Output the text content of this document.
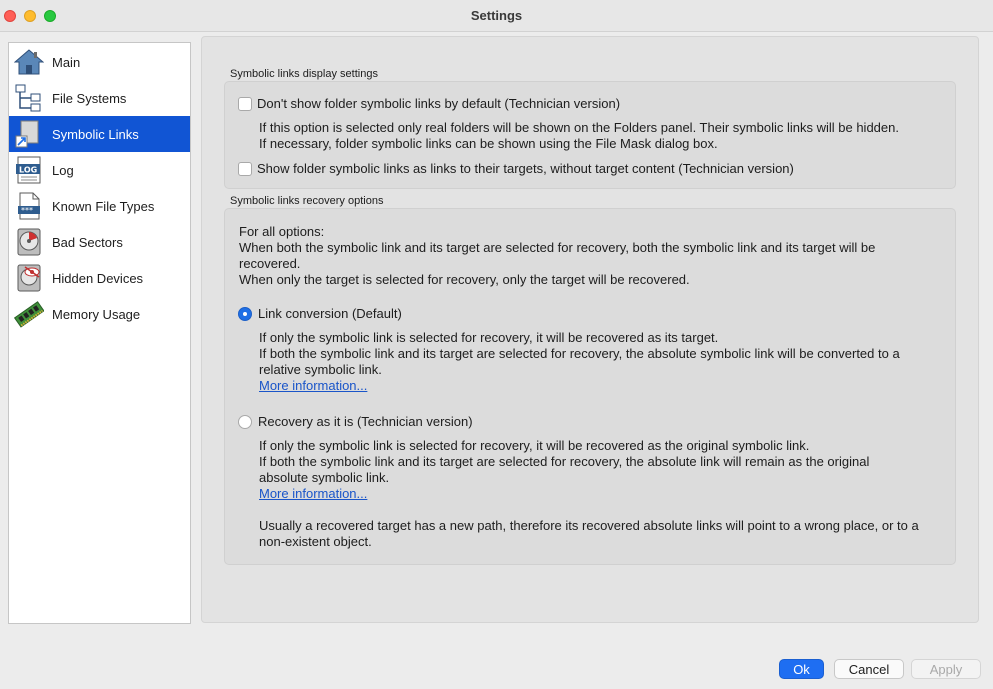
Settings
Main
File Systems
Symbolic Links
LOG Log
*** Known File Types
Bad Sectors
Hidden Devices
Memory Usage
Symbolic links display settings
Don't show folder symbolic links by default (Technician version)
If this option is selected only real folders will be shown on the Folders panel. Their symbolic links will be hidden.
If necessary, folder symbolic links can be shown using the File Mask dialog box.
Show folder symbolic links as links to their targets, without target content (Technician version)
Symbolic links recovery options
For all options:
When both the symbolic link and its target are selected for recovery, both the symbolic link and its target will be
recovered.
When only the target is selected for recovery, only the target will be recovered.
Link conversion (Default)
If only the symbolic link is selected for recovery, it will be recovered as its target.
If both the symbolic link and its target are selected for recovery, the absolute symbolic link will be converted to a
relative symbolic link.
More information...
Recovery as it is (Technician version)
If only the symbolic link is selected for recovery, it will be recovered as the original symbolic link.
If both the symbolic link and its target are selected for recovery, the absolute link will remain as the original
absolute symbolic link.
More information...
Usually a recovered target has a new path, therefore its recovered absolute links will point to a wrong place, or to a
non-existent object.
Ok	Cancel	Apply
